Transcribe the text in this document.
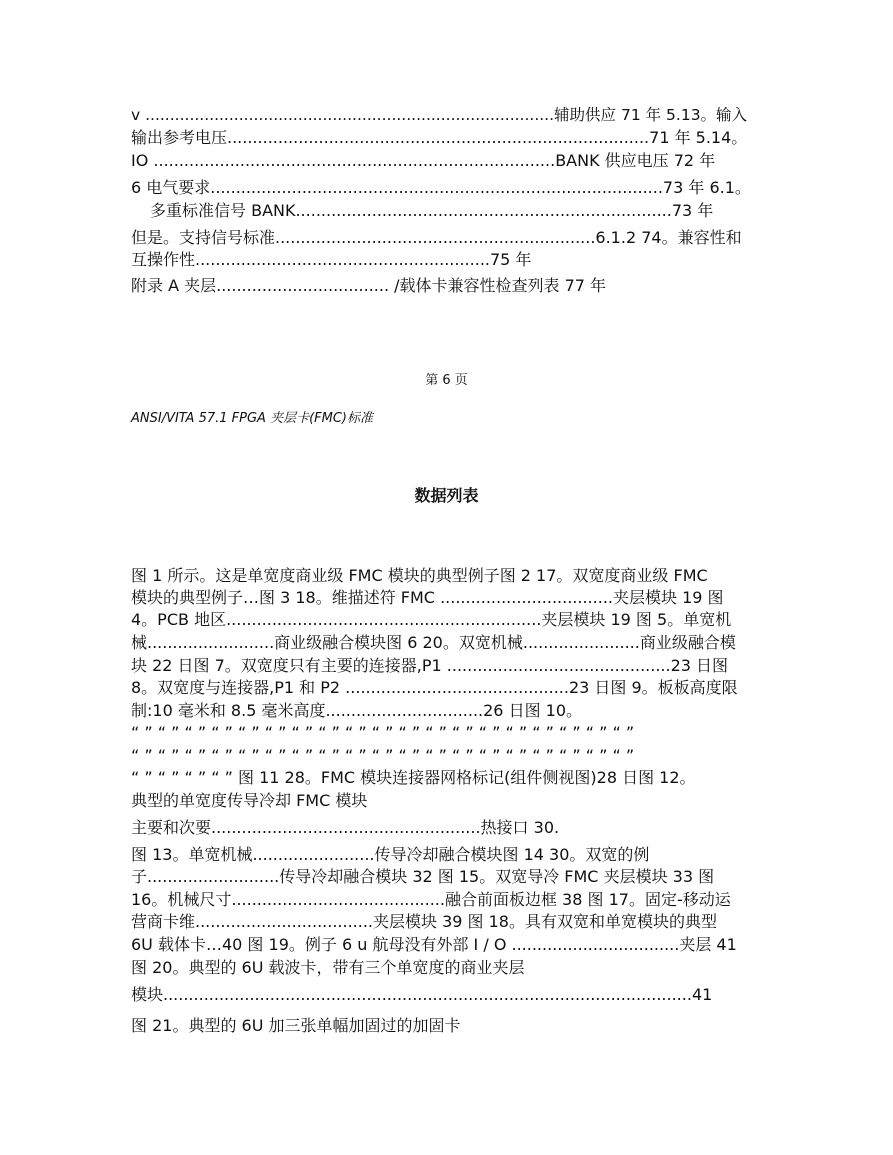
v ...................................................................................辅助供应 71 年 5.13。输入

输出参考电压...................................................................................71 年 5.14。

IO ...............................................................................BANK 供应电压 72 年

6 电气要求.........................................................................................73 年 6.1。

多重标准信号 BANK..........................................................................73 年

但是。支持信号标准...............................................................6.1.2 74。兼容性和

互操作性..........................................................75 年

附录 A 夹层.................................. /载体卡兼容性检查列表 77 年

第 6 页

ANSI/VITA 57.1 FPGA 夹层卡(FMC)标准

数据列表

图 1 所示。这是单宽度商业级 FMC 模块的典型例子图 2 17。双宽度商业级 FMC

模块的典型例子…图 3 18。维描述符 FMC ..................................夹层模块 19 图

4。PCB 地区..............................................................夹层模块 19 图 5。单宽机

械.........................商业级融合模块图 6 20。双宽机械.......................商业级融合模

块 22 日图 7。双宽度只有主要的连接器,P1 ............................................23 日图

8。双宽度与连接器,P1 和 P2 ............................................23 日图 9。板板高度限

制:10 毫米和 8.5 毫米高度...............................26 日图 10。

“ ” “ ” “ ” “ ” “ ” “ ” “ ” “ ” “ ” “ ” “ ” “ ” “ ” “ ” “ ” “ ” “ ” “ ” “ ”

“ ” “ ” “ ” “ ” “ ” “ ” “ ” “ ” “ ” “ ” “ ” “ ” “ ” “ ” “ ” “ ” “ ” “ ” “ ”

“ ” “ ” “ ” “ ” 图 11 28。FMC 模块连接器网格标记(组件侧视图)28 日图 12。

典型的单宽度传导冷却 FMC 模块

主要和次要.....................................................热接口 30.

图 13。单宽机械........................传导冷却融合模块图 14 30。双宽的例

子..........................传导冷却融合模块 32 图 15。双宽导冷 FMC 夹层模块 33 图

16。机械尺寸..........................................融合前面板边框 38 图 17。固定-移动运

营商卡维...................................夹层模块 39 图 18。具有双宽和单宽模块的典型

6U 载体卡…40 图 19。例子 6 u 航母没有外部 I / O .................................夹层 41

图 20。典型的 6U 载波卡，带有三个单宽度的商业夹层

模块........................................................................................................41

图 21。典型的 6U 加三张单幅加固过的加固卡
